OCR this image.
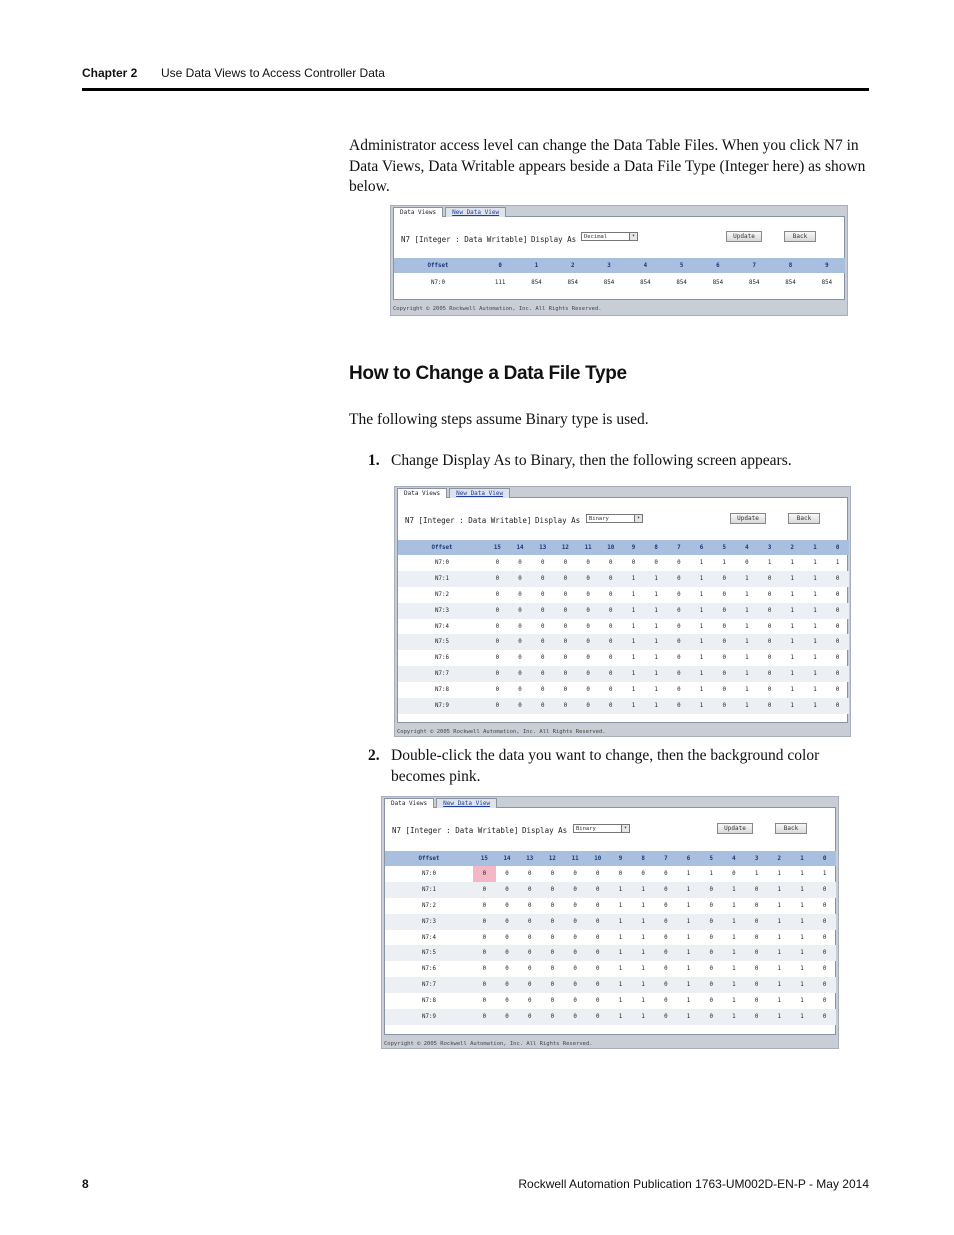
Chapter 2 Use Data Views to Access Controller Data

Administrator access level can change the Data Table Files. When you click N7 in Data Views, Data Writable appears beside a Data File Type (Integer here) as shown below.

Data Views	New Data View
N7 [Integer : Data Writable] Display As	Decimal	▾	Update	Back
Offset	0	1	2	3	4	5	6	7	8	9
N7:0	111	854	854	854	854	854	854	854	854	854
Copyright © 2005 Rockwell Automation, Inc. All Rights Reserved.
How to Change a Data File Type

The following steps assume Binary type is used.

1. Change Display As to Binary, then the following screen appears.
Data Views	New Data View
N7 [Integer : Data Writable] Display As	Binary	▾	Update	Back
Offset	15	14	13	12	11	10	9	8	7	6	5	4	3	2	1	0
N7:0	0	0	0	0	0	0	0	0	0	1	1	0	1	1	1	1
N7:1	0	0	0	0	0	0	1	1	0	1	0	1	0	1	1	0
N7:2	0	0	0	0	0	0	1	1	0	1	0	1	0	1	1	0
N7:3	0	0	0	0	0	0	1	1	0	1	0	1	0	1	1	0
N7:4	0	0	0	0	0	0	1	1	0	1	0	1	0	1	1	0
N7:5	0	0	0	0	0	0	1	1	0	1	0	1	0	1	1	0
N7:6	0	0	0	0	0	0	1	1	0	1	0	1	0	1	1	0
N7:7	0	0	0	0	0	0	1	1	0	1	0	1	0	1	1	0
N7:8	0	0	0	0	0	0	1	1	0	1	0	1	0	1	1	0
N7:9	0	0	0	0	0	0	1	1	0	1	0	1	0	1	1	0
Copyright © 2005 Rockwell Automation, Inc. All Rights Reserved.
2. Double-click the data you want to change, then the background color becomes pink.
Data Views	New Data View
N7 [Integer : Data Writable] Display As	Binary	▾	Update	Back
Offset	15	14	13	12	11	10	9	8	7	6	5	4	3	2	1	0
N7:0	0	0	0	0	0	0	0	0	0	1	1	0	1	1	1	1
N7:1	0	0	0	0	0	0	1	1	0	1	0	1	0	1	1	0
N7:2	0	0	0	0	0	0	1	1	0	1	0	1	0	1	1	0
N7:3	0	0	0	0	0	0	1	1	0	1	0	1	0	1	1	0
N7:4	0	0	0	0	0	0	1	1	0	1	0	1	0	1	1	0
N7:5	0	0	0	0	0	0	1	1	0	1	0	1	0	1	1	0
N7:6	0	0	0	0	0	0	1	1	0	1	0	1	0	1	1	0
N7:7	0	0	0	0	0	0	1	1	0	1	0	1	0	1	1	0
N7:8	0	0	0	0	0	0	1	1	0	1	0	1	0	1	1	0
N7:9	0	0	0	0	0	0	1	1	0	1	0	1	0	1	1	0
Copyright © 2005 Rockwell Automation, Inc. All Rights Reserved.
8	Rockwell Automation Publication 1763-UM002D-EN-P - May 2014
